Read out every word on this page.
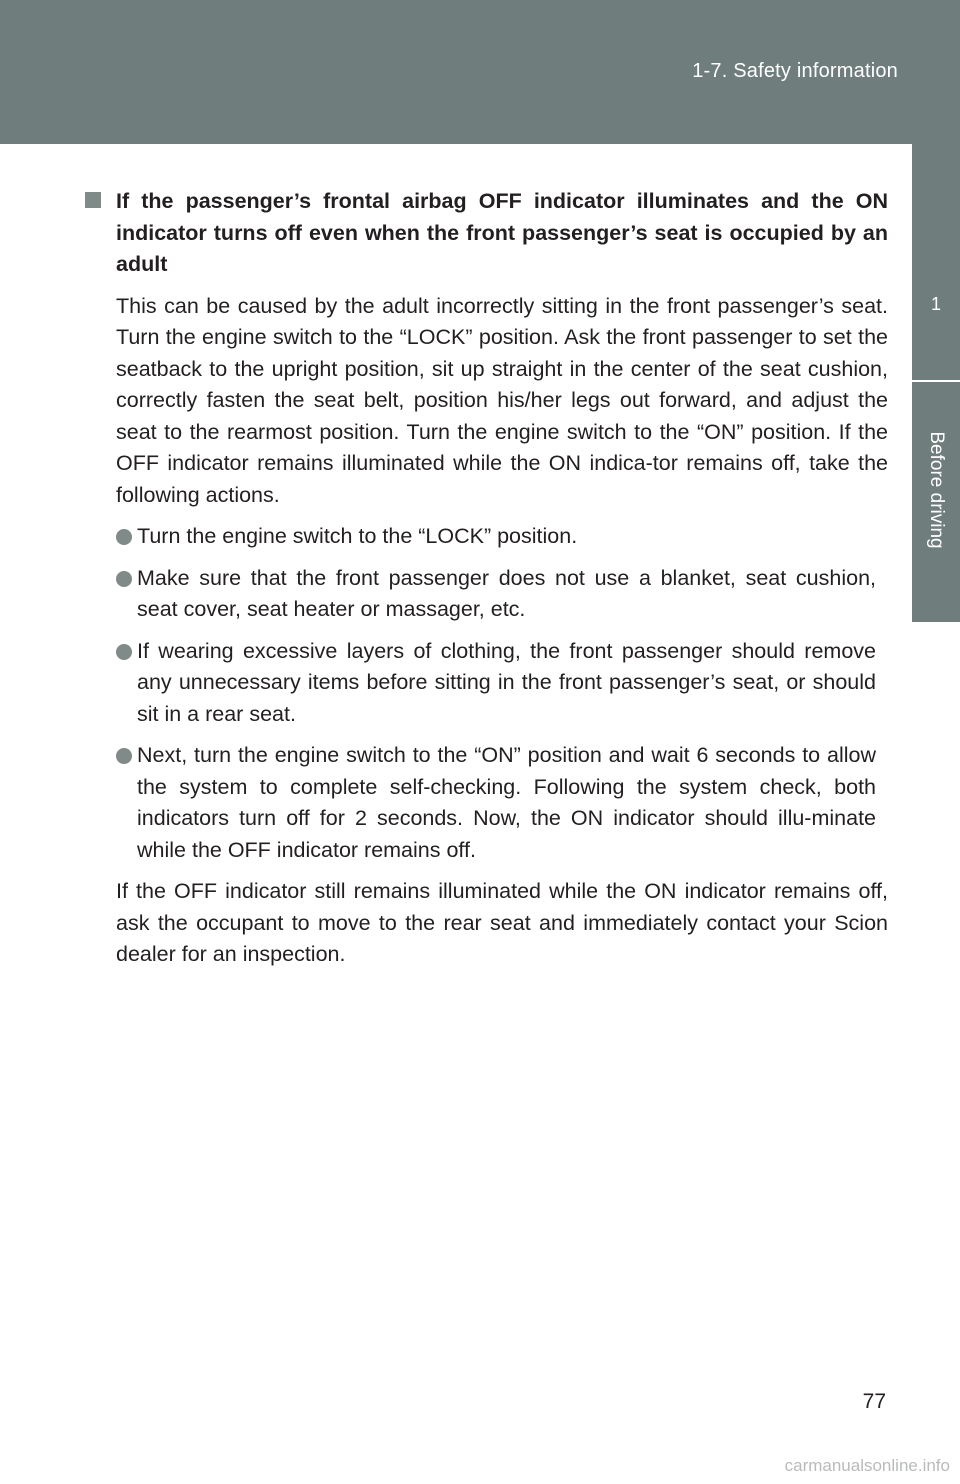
1-7. Safety information
1
Before driving
If the passenger’s frontal airbag OFF indicator illuminates and the ON indicator turns off even when the front passenger’s seat is occupied by an adult

This can be caused by the adult incorrectly sitting in the front passenger’s seat. Turn the engine switch to the “LOCK” position. Ask the front passenger to set the seatback to the upright position, sit up straight in the center of the seat cushion, correctly fasten the seat belt, position his/her legs out forward, and adjust the seat to the rearmost position. Turn the engine switch to the “ON” position. If the OFF indicator remains illuminated while the ON indica-tor remains off, take the following actions.

Turn the engine switch to the “LOCK” position.
Make sure that the front passenger does not use a blanket, seat cushion, seat cover, seat heater or massager, etc.
If wearing excessive layers of clothing, the front passenger should remove any unnecessary items before sitting in the front passenger’s seat, or should sit in a rear seat.
Next, turn the engine switch to the “ON” position and wait 6 seconds to allow the system to complete self-checking. Following the system check, both indicators turn off for 2 seconds. Now, the ON indicator should illu-minate while the OFF indicator remains off.

If the OFF indicator still remains illuminated while the ON indicator remains off, ask the occupant to move to the rear seat and immediately contact your Scion dealer for an inspection.

77
carmanualsonline.info
